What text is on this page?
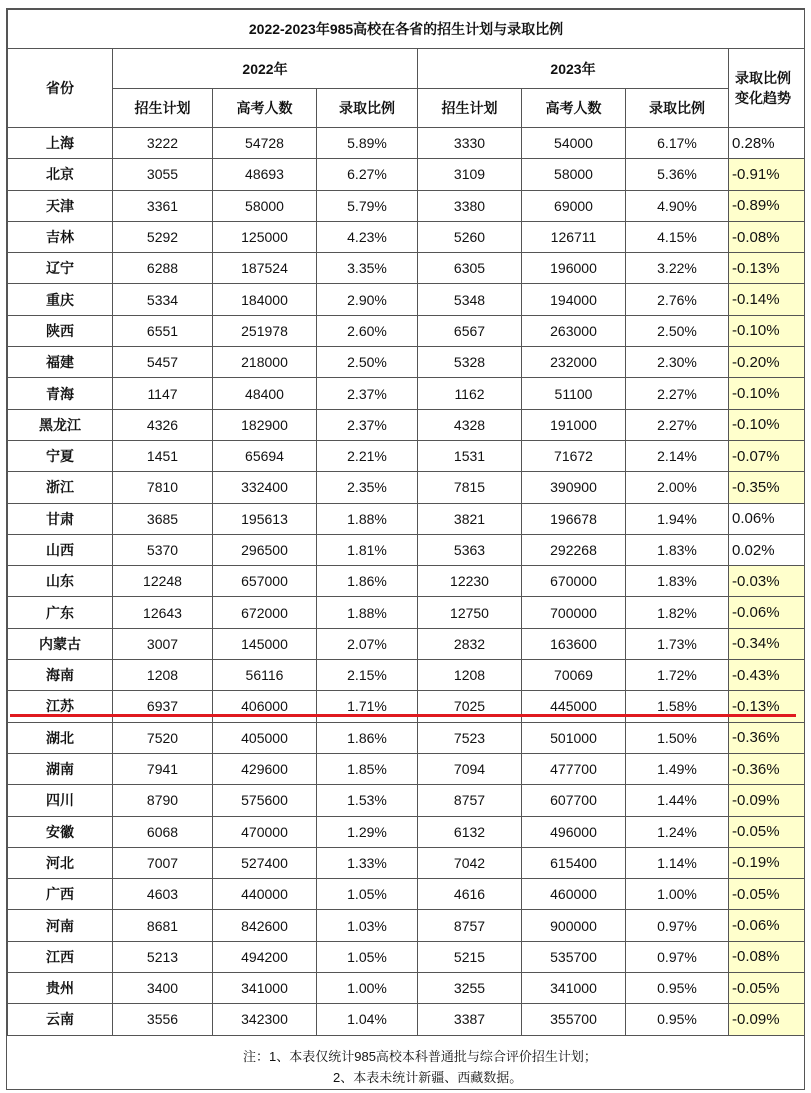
2022-2023年985高校在各省的招生计划与录取比例							
省份	2022年			2023年			录取比例变化趋势
	招生计划	高考人数	录取比例	招生计划	高考人数	录取比例	
上海	3222	54728	5.89%	3330	54000	6.17%	0.28%
北京	3055	48693	6.27%	3109	58000	5.36%	-0.91%
天津	3361	58000	5.79%	3380	69000	4.90%	-0.89%
吉林	5292	125000	4.23%	5260	126711	4.15%	-0.08%
辽宁	6288	187524	3.35%	6305	196000	3.22%	-0.13%
重庆	5334	184000	2.90%	5348	194000	2.76%	-0.14%
陕西	6551	251978	2.60%	6567	263000	2.50%	-0.10%
福建	5457	218000	2.50%	5328	232000	2.30%	-0.20%
青海	1147	48400	2.37%	1162	51100	2.27%	-0.10%
黑龙江	4326	182900	2.37%	4328	191000	2.27%	-0.10%
宁夏	1451	65694	2.21%	1531	71672	2.14%	-0.07%
浙江	7810	332400	2.35%	7815	390900	2.00%	-0.35%
甘肃	3685	195613	1.88%	3821	196678	1.94%	0.06%
山西	5370	296500	1.81%	5363	292268	1.83%	0.02%
山东	12248	657000	1.86%	12230	670000	1.83%	-0.03%
广东	12643	672000	1.88%	12750	700000	1.82%	-0.06%
内蒙古	3007	145000	2.07%	2832	163600	1.73%	-0.34%
海南	1208	56116	2.15%	1208	70069	1.72%	-0.43%
江苏	6937	406000	1.71%	7025	445000	1.58%	-0.13%
湖北	7520	405000	1.86%	7523	501000	1.50%	-0.36%
湖南	7941	429600	1.85%	7094	477700	1.49%	-0.36%
四川	8790	575600	1.53%	8757	607700	1.44%	-0.09%
安徽	6068	470000	1.29%	6132	496000	1.24%	-0.05%
河北	7007	527400	1.33%	7042	615400	1.14%	-0.19%
广西	4603	440000	1.05%	4616	460000	1.00%	-0.05%
河南	8681	842600	1.03%	8757	900000	0.97%	-0.06%
江西	5213	494200	1.05%	5215	535700	0.97%	-0.08%
贵州	3400	341000	1.00%	3255	341000	0.95%	-0.05%
云南	3556	342300	1.04%	3387	355700	0.95%	-0.09%
注：1、本表仅统计985高校本科普通批与综合评价招生计划；
2、本表未统计新疆、西藏数据。
